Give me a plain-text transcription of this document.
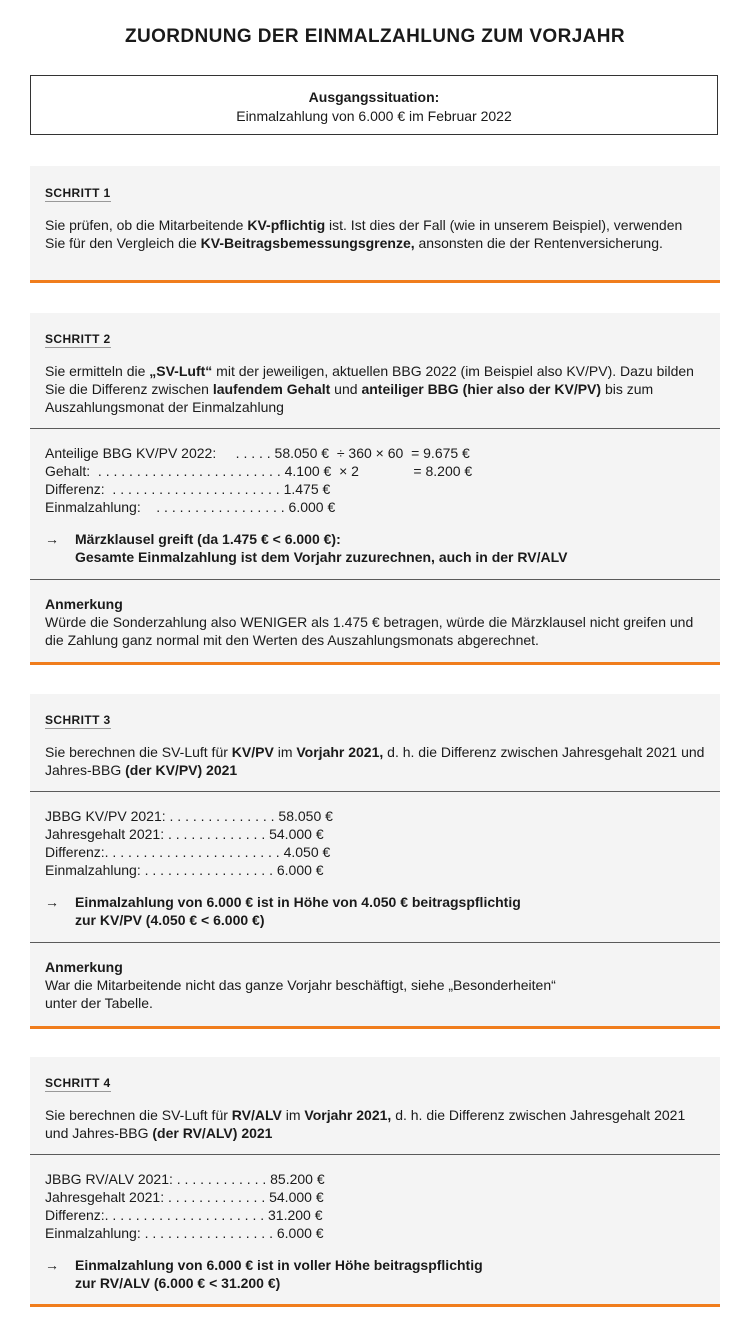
ZUORDNUNG DER EINMALZAHLUNG ZUM VORJAHR
Ausgangssituation:
Einmalzahlung von 6.000 € im Februar 2022
SCHRITT 1

Sie prüfen, ob die Mitarbeitende KV-pflichtig ist. Ist dies der Fall (wie in unserem Beispiel), verwenden Sie für den Vergleich die KV-Beitragsbemessungsgrenze, ansonsten die der Rentenversicherung.

SCHRITT 2

Sie ermitteln die „SV-Luft“ mit der jeweiligen, aktuellen BBG 2022 (im Beispiel also KV/PV). Dazu bilden Sie die Differenz zwischen laufendem Gehalt und anteiliger BBG (hier also der KV/PV) bis zum Auszahlungsmonat der Einmalzahlung

Anteilige BBG KV/PV 2022:     . . . . . 58.050 €  ÷ 360 × 60  = 9.675 €
Gehalt:  . . . . . . . . . . . . . . . . . . . . . . . . 4.100 €  × 2              = 8.200 €
Differenz:  . . . . . . . . . . . . . . . . . . . . . . 1.475 €
Einmalzahlung:    . . . . . . . . . . . . . . . . . 6.000 €
→ Märzklausel greift (da 1.475 € < 6.000 €):
Gesamte Einmalzahlung ist dem Vorjahr zuzurechnen, auch in der RV/ALV
Anmerkung
Würde die Sonderzahlung also WENIGER als 1.475 € betragen, würde die Märzklausel nicht greifen und die Zahlung ganz normal mit den Werten des Auszahlungsmonats abgerechnet.
SCHRITT 3

Sie berechnen die SV-Luft für KV/PV im Vorjahr 2021, d. h. die Differenz zwischen Jahresgehalt 2021 und Jahres-BBG (der KV/PV) 2021

JBBG KV/PV 2021: . . . . . . . . . . . . . . 58.050 €
Jahresgehalt 2021: . . . . . . . . . . . . . 54.000 €
Differenz:. . . . . . . . . . . . . . . . . . . . . . . 4.050 €
Einmalzahlung: . . . . . . . . . . . . . . . . . 6.000 €
→ Einmalzahlung von 6.000 € ist in Höhe von 4.050 € beitragspflichtig
zur KV/PV (4.050 € < 6.000 €)
Anmerkung
War die Mitarbeitende nicht das ganze Vorjahr beschäftigt, siehe „Besonderheiten“
unter der Tabelle.
SCHRITT 4

Sie berechnen die SV-Luft für RV/ALV im Vorjahr 2021, d. h. die Differenz zwischen Jahresgehalt 2021 und Jahres-BBG (der RV/ALV) 2021

JBBG RV/ALV 2021: . . . . . . . . . . . . 85.200 €
Jahresgehalt 2021: . . . . . . . . . . . . . 54.000 €
Differenz:. . . . . . . . . . . . . . . . . . . . . 31.200 €
Einmalzahlung: . . . . . . . . . . . . . . . . . 6.000 €
→ Einmalzahlung von 6.000 € ist in voller Höhe beitragspflichtig
zur RV/ALV (6.000 € < 31.200 €)
